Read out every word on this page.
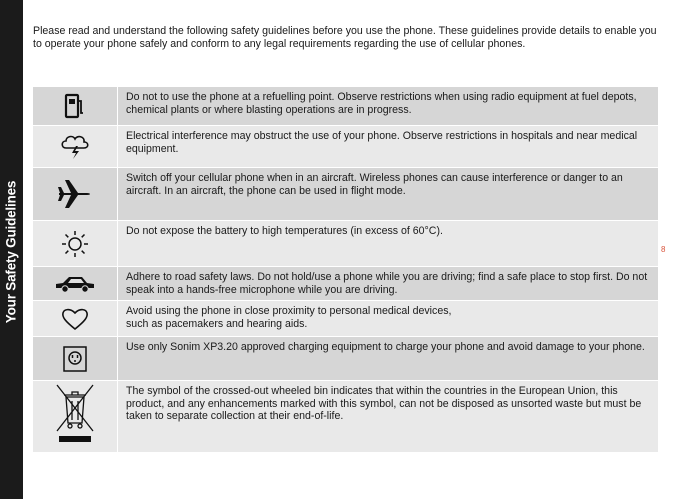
Your Safety Guidelines	8

Please read and understand the following safety guidelines before you use the phone. These guidelines provide details to enable you to operate your phone safely and conform to any legal requirements regarding the use of cellular phones.

Do not to use the phone at a refuelling point. Observe restrictions when using radio equipment at fuel depots, chemical plants or where blasting operations are in progress.
Electrical interference may obstruct the use of your phone. Observe restrictions in hospitals and near medical equipment.
Switch off your cellular phone when in an aircraft. Wireless phones can cause interference or danger to an aircraft. In an aircraft, the phone can be used in flight mode.
Do not expose the battery to high temperatures (in excess of 60°C).
Adhere to road safety laws. Do not hold/use a phone while you are driving; find a safe place to stop first. Do not speak into a hands-free microphone while you are driving.
Avoid using the phone in close proximity to personal medical devices,
such as pacemakers and hearing aids.
Use only Sonim XP3.20 approved charging equipment to charge your phone and avoid damage to your phone.
The symbol of the crossed-out wheeled bin indicates that within the countries in the European Union, this product, and any enhancements marked with this symbol, can not be disposed as unsorted waste but must be taken to separate collection at their end-of-life.
